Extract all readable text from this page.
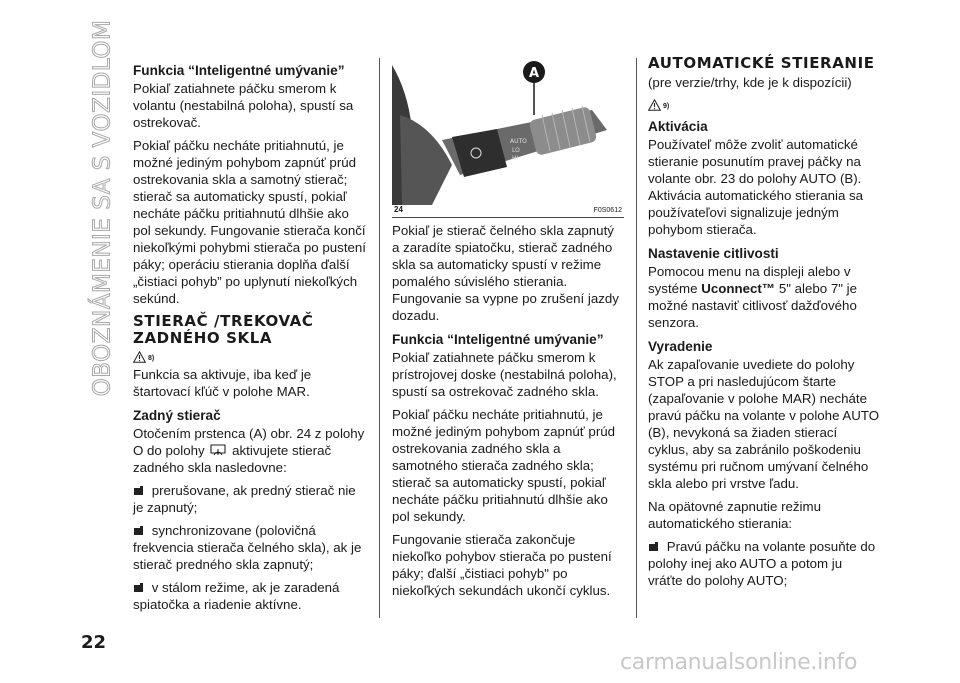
OBOZNÁMENIE SA S VOZIDLOM Funkcia “Inteligentné umývanie”

Pokiaľ zatiahnete páčku smerom k volantu (nestabilná poloha), spustí sa ostrekovač.

Pokiaľ páčku necháte pritiahnutú, je možné jediným pohybom zapnúť prúd ostrekovania skla a samotný stierač; stierač sa automaticky spustí, pokiaľ necháte páčku pritiahnutú dlhšie ako pol sekundy. Fungovanie stierača končí niekoľkými pohybmi stierača po pustení páky; operáciu stierania doplňa ďalší „čistiaci pohyb” po uplynutí niekoľkých sekúnd.

STIERAČ /TREKOVAČ ZADNÉHO SKLA
8)

Funkcia sa aktivuje, iba keď je štartovací kľúč v polohe MAR.

Zadný stierač

Otočením prstenca (A) obr. 24 z polohy O do polohy aktivujete stierač zadného skla nasledovne:

prerušovane, ak predný stierač nie je zapnutý;

synchronizovane (polovičná frekvencia stierača čelného skla), ak je stierač predného skla zapnutý;

v stálom režime, ak je zaradená spiatočka a riadenie aktívne.

AUTO
LO
HI
A
24	F0S0612

Pokiaľ je stierač čelného skla zapnutý a zaradíte spiatočku, stierač zadného skla sa automaticky spustí v režime pomalého súvislého stierania. Fungovanie sa vypne po zrušení jazdy dozadu.

Funkcia “Inteligentné umývanie”

Pokiaľ zatiahnete páčku smerom k prístrojovej doske (nestabilná poloha), spustí sa ostrekovač zadného skla.

Pokiaľ páčku necháte pritiahnutú, je možné jediným pohybom zapnúť prúd ostrekovania zadného skla a samotného stierača zadného skla; stierač sa automaticky spustí, pokiaľ necháte páčku pritiahnutú dlhšie ako pol sekundy.

Fungovanie stierača zakončuje niekoľko pohybov stierača po pustení páky; ďalší „čistiaci pohyb" po niekoľkých sekundách ukončí cyklus.

AUTOMATICKÉ STIERANIE

(pre verzie/trhy, kde je k dispozícii)

9)
Aktivácia

Používateľ môže zvoliť automatické stieranie posunutím pravej páčky na volante obr. 23 do polohy AUTO (B). Aktivácia automatického stierania sa používateľovi signalizuje jedným pohybom stierača.

Nastavenie citlivosti

Pomocou menu na displeji alebo v systéme Uconnect™ 5" alebo 7" je možné nastaviť citlivosť dažďového senzora.

Vyradenie

Ak zapaľovanie uvediete do polohy STOP a pri nasledujúcom štarte (zapaľovanie v polohe MAR) necháte pravú páčku na volante v polohe AUTO (B), nevykoná sa žiaden stierací cyklus, aby sa zabránilo poškodeniu systému pri ručnom umývaní čelného skla alebo pri vrstve ľadu.

Na opätovné zapnutie režimu automatického stierania:

Pravú páčku na volante posuňte do polohy inej ako AUTO a potom ju vráťte do polohy AUTO;

22
carmanualsonline.info
